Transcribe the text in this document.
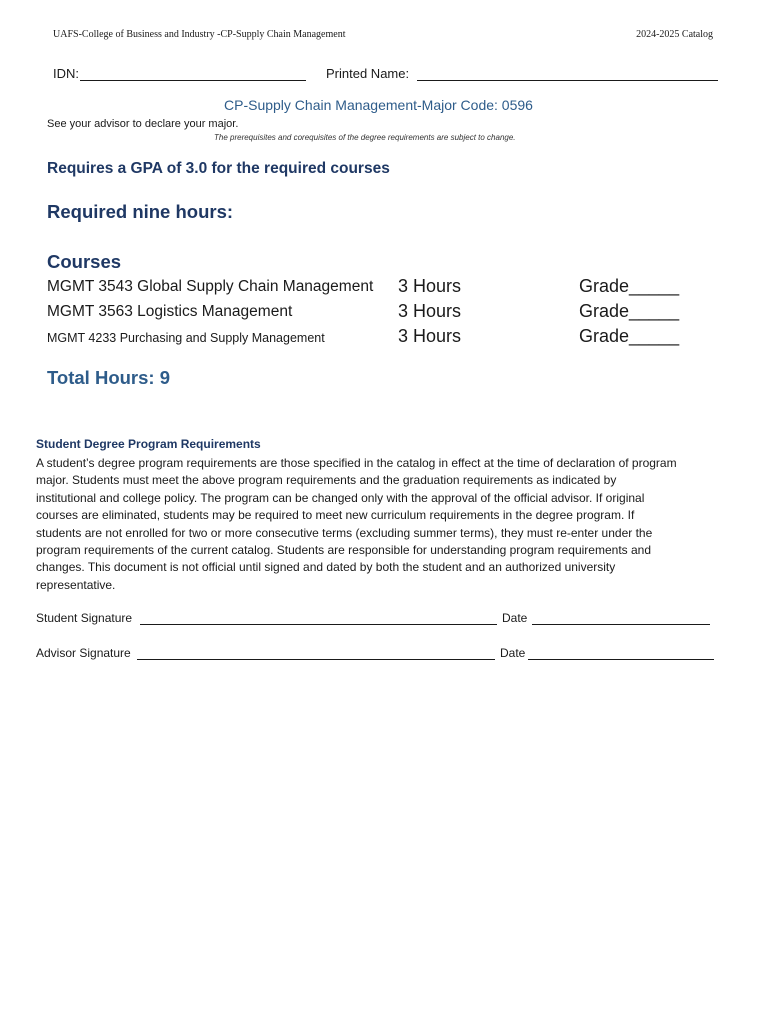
UAFS-College of Business and Industry -CP-Supply Chain Management	2024-2025 Catalog
IDN:	Printed Name:
CP-Supply Chain Management-Major Code: 0596
See your advisor to declare your major.
The prerequisites and corequisites of the degree requirements are subject to change.
Requires a GPA of 3.0 for the required courses
Required nine hours:
Courses
MGMT 3543 Global Supply Chain Management 3 Hours	Grade_____
MGMT 3563 Logistics Management	3 Hours	Grade_____
MGMT 4233 Purchasing and Supply Management	3 Hours	Grade_____
Total Hours: 9
Student Degree Program Requirements
A student’s degree program requirements are those specified in the catalog in effect at the time of declaration of program
major. Students must meet the above program requirements and the graduation requirements as indicated by
institutional and college policy. The program can be changed only with the approval of the official advisor. If original
courses are eliminated, students may be required to meet new curriculum requirements in the degree program. If
students are not enrolled for two or more consecutive terms (excluding summer terms), they must re-enter under the
program requirements of the current catalog. Students are responsible for understanding program requirements and
changes. This document is not official until signed and dated by both the student and an authorized university
representative.
Student Signature	Date
Advisor Signature	Date
